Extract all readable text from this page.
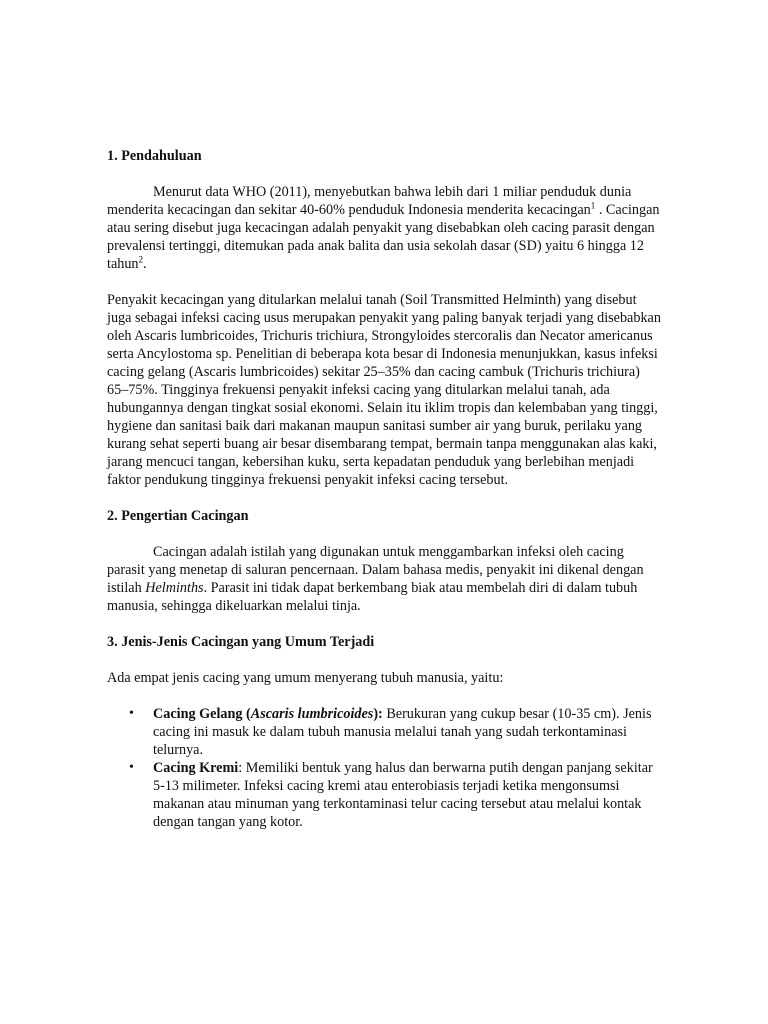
1. Pendahuluan

Menurut data WHO (2011), menyebutkan bahwa lebih dari 1 miliar penduduk dunia menderita kecacingan dan sekitar 40-60% penduduk Indonesia menderita kecacingan$^1$ . Cacingan atau sering disebut juga kecacingan adalah penyakit yang disebabkan oleh cacing parasit dengan prevalensi tertinggi, ditemukan pada anak balita dan usia sekolah dasar (SD) yaitu 6 hingga 12 tahun$^2$.

Penyakit kecacingan yang ditularkan melalui tanah (Soil Transmitted Helminth) yang disebut juga sebagai infeksi cacing usus merupakan penyakit yang paling banyak terjadi yang disebabkan oleh Ascaris lumbricoides, Trichuris trichiura, Strongyloides stercoralis dan Necator americanus serta Ancylostoma sp. Penelitian di beberapa kota besar di Indonesia menunjukkan, kasus infeksi cacing gelang (Ascaris lumbricoides) sekitar 25–35% dan cacing cambuk (Trichuris trichiura) 65–75%. Tingginya frekuensi penyakit infeksi cacing yang ditularkan melalui tanah, ada hubungannya dengan tingkat sosial ekonomi. Selain itu iklim tropis dan kelembaban yang tinggi, hygiene dan sanitasi baik dari makanan maupun sanitasi sumber air yang buruk, perilaku yang kurang sehat seperti buang air besar disembarang tempat, bermain tanpa menggunakan alas kaki, jarang mencuci tangan, kebersihan kuku, serta kepadatan penduduk yang berlebihan menjadi faktor pendukung tingginya frekuensi penyakit infeksi cacing tersebut.

2. Pengertian Cacingan

Cacingan adalah istilah yang digunakan untuk menggambarkan infeksi oleh cacing parasit yang menetap di saluran pencernaan. Dalam bahasa medis, penyakit ini dikenal dengan istilah Helminths. Parasit ini tidak dapat berkembang biak atau membelah diri di dalam tubuh manusia, sehingga dikeluarkan melalui tinja.

3. Jenis-Jenis Cacingan yang Umum Terjadi

Ada empat jenis cacing yang umum menyerang tubuh manusia, yaitu:

• Cacing Gelang (Ascaris lumbricoides): Berukuran yang cukup besar (10-35 cm). Jenis cacing ini masuk ke dalam tubuh manusia melalui tanah yang sudah terkontaminasi telurnya.
• Cacing Kremi: Memiliki bentuk yang halus dan berwarna putih dengan panjang sekitar 5-13 milimeter. Infeksi cacing kremi atau enterobiasis terjadi ketika mengonsumsi makanan atau minuman yang terkontaminasi telur cacing tersebut atau melalui kontak dengan tangan yang kotor.
